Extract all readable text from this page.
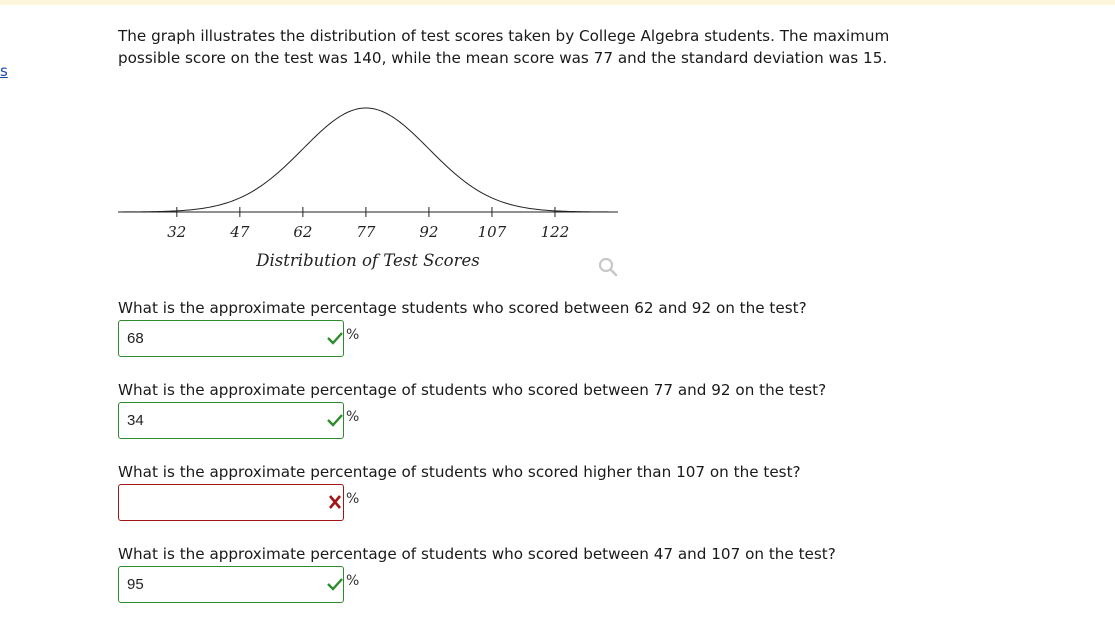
s

The graph illustrates the distribution of test scores taken by College Algebra students. The maximum
possible score on the test was 140, while the mean score was 77 and the standard deviation was 15.

32	47	62	77	92	107 122
Distribution of Test Scores

What is the approximate percentage students who scored between 62 and 92 on the test?

68
%

What is the approximate percentage of students who scored between 77 and 92 on the test?

34
%

What is the approximate percentage of students who scored higher than 107 on the test?

%

What is the approximate percentage of students who scored between 47 and 107 on the test?

95
%
